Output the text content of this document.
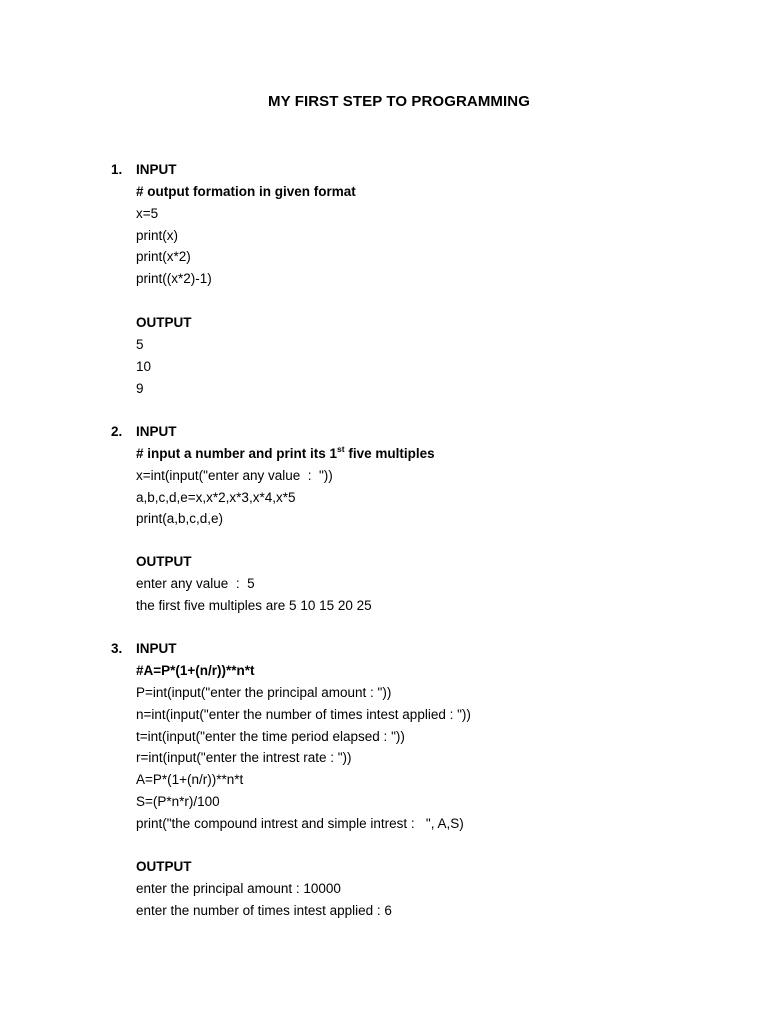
MY FIRST STEP TO PROGRAMMING
1. INPUT
# output formation in given format
x=5
print(x)
print(x*2)
print((x*2)-1)
OUTPUT
5
10
9
2. INPUT
# input a number and print its 1st five multiples
x=int(input("enter any value  :  "))
a,b,c,d,e=x,x*2,x*3,x*4,x*5
print(a,b,c,d,e)
OUTPUT
enter any value  :  5
the first five multiples are 5 10 15 20 25
3. INPUT
#A=P*(1+(n/r))**n*t
P=int(input("enter the principal amount : "))
n=int(input("enter the number of times intest applied : "))
t=int(input("enter the time period elapsed : "))
r=int(input("enter the intrest rate : "))
A=P*(1+(n/r))**n*t
S=(P*n*r)/100
print("the compound intrest and simple intrest :   ", A,S)
OUTPUT
enter the principal amount : 10000
enter the number of times intest applied : 6
